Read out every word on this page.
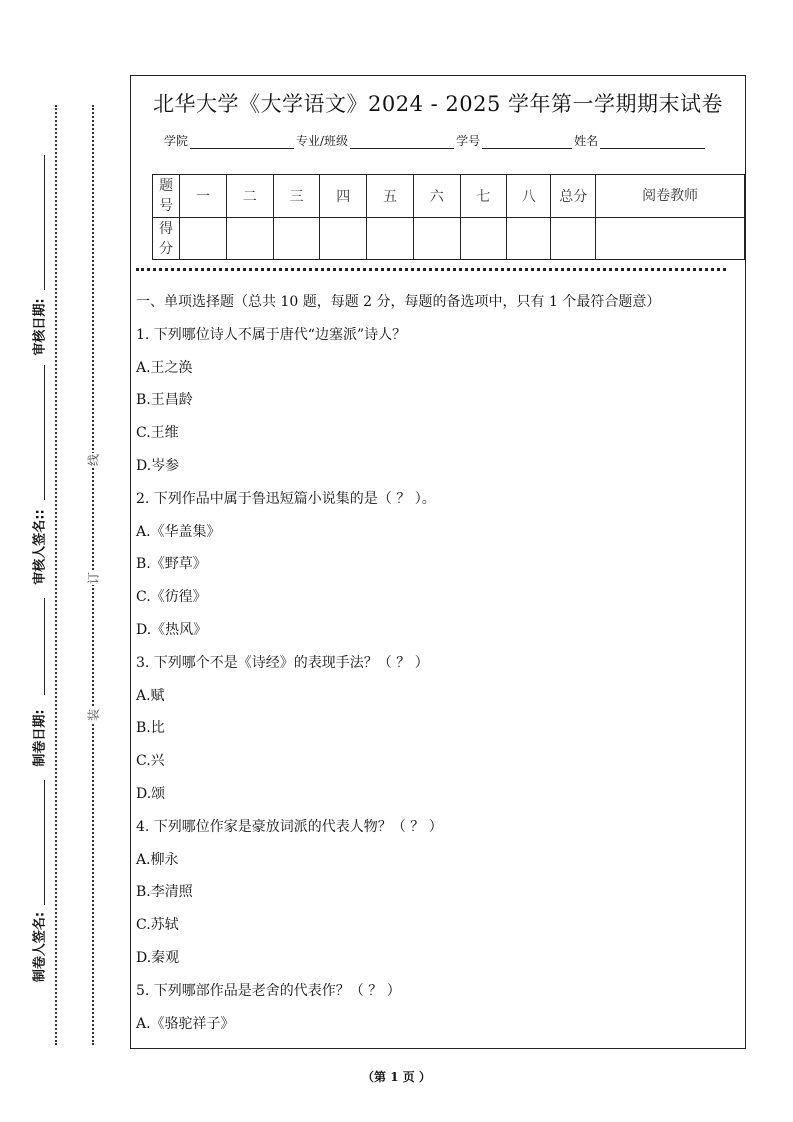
审核日期:
审核人签名::
制卷日期:
制卷人签名:
线
订
装
北华大学《大学语文》2024 - 2025 学年第一学期期末试卷
学院	专业/班级	学号	姓名
题号	一	二	三	四	五	六	七	八	总分	阅卷教师
得分										
一、单项选择题（总共 10 题，每题 2 分，每题的备选项中，只有 1 个最符合题意）
1. 下列哪位诗人不属于唐代“边塞派”诗人？
A.王之涣
B.王昌龄
C.王维
D.岑参
2. 下列作品中属于鲁迅短篇小说集的是（ ？ ）。
A.《华盖集》
B.《野草》
C.《彷徨》
D.《热风》
3. 下列哪个不是《诗经》的表现手法？（ ？ ）
A.赋
B.比
C.兴
D.颂
4. 下列哪位作家是豪放词派的代表人物？（ ？ ）
A.柳永
B.李清照
C.苏轼
D.秦观
5. 下列哪部作品是老舍的代表作？（ ？ ）
A.《骆驼祥子》
（第 1 页 ）
